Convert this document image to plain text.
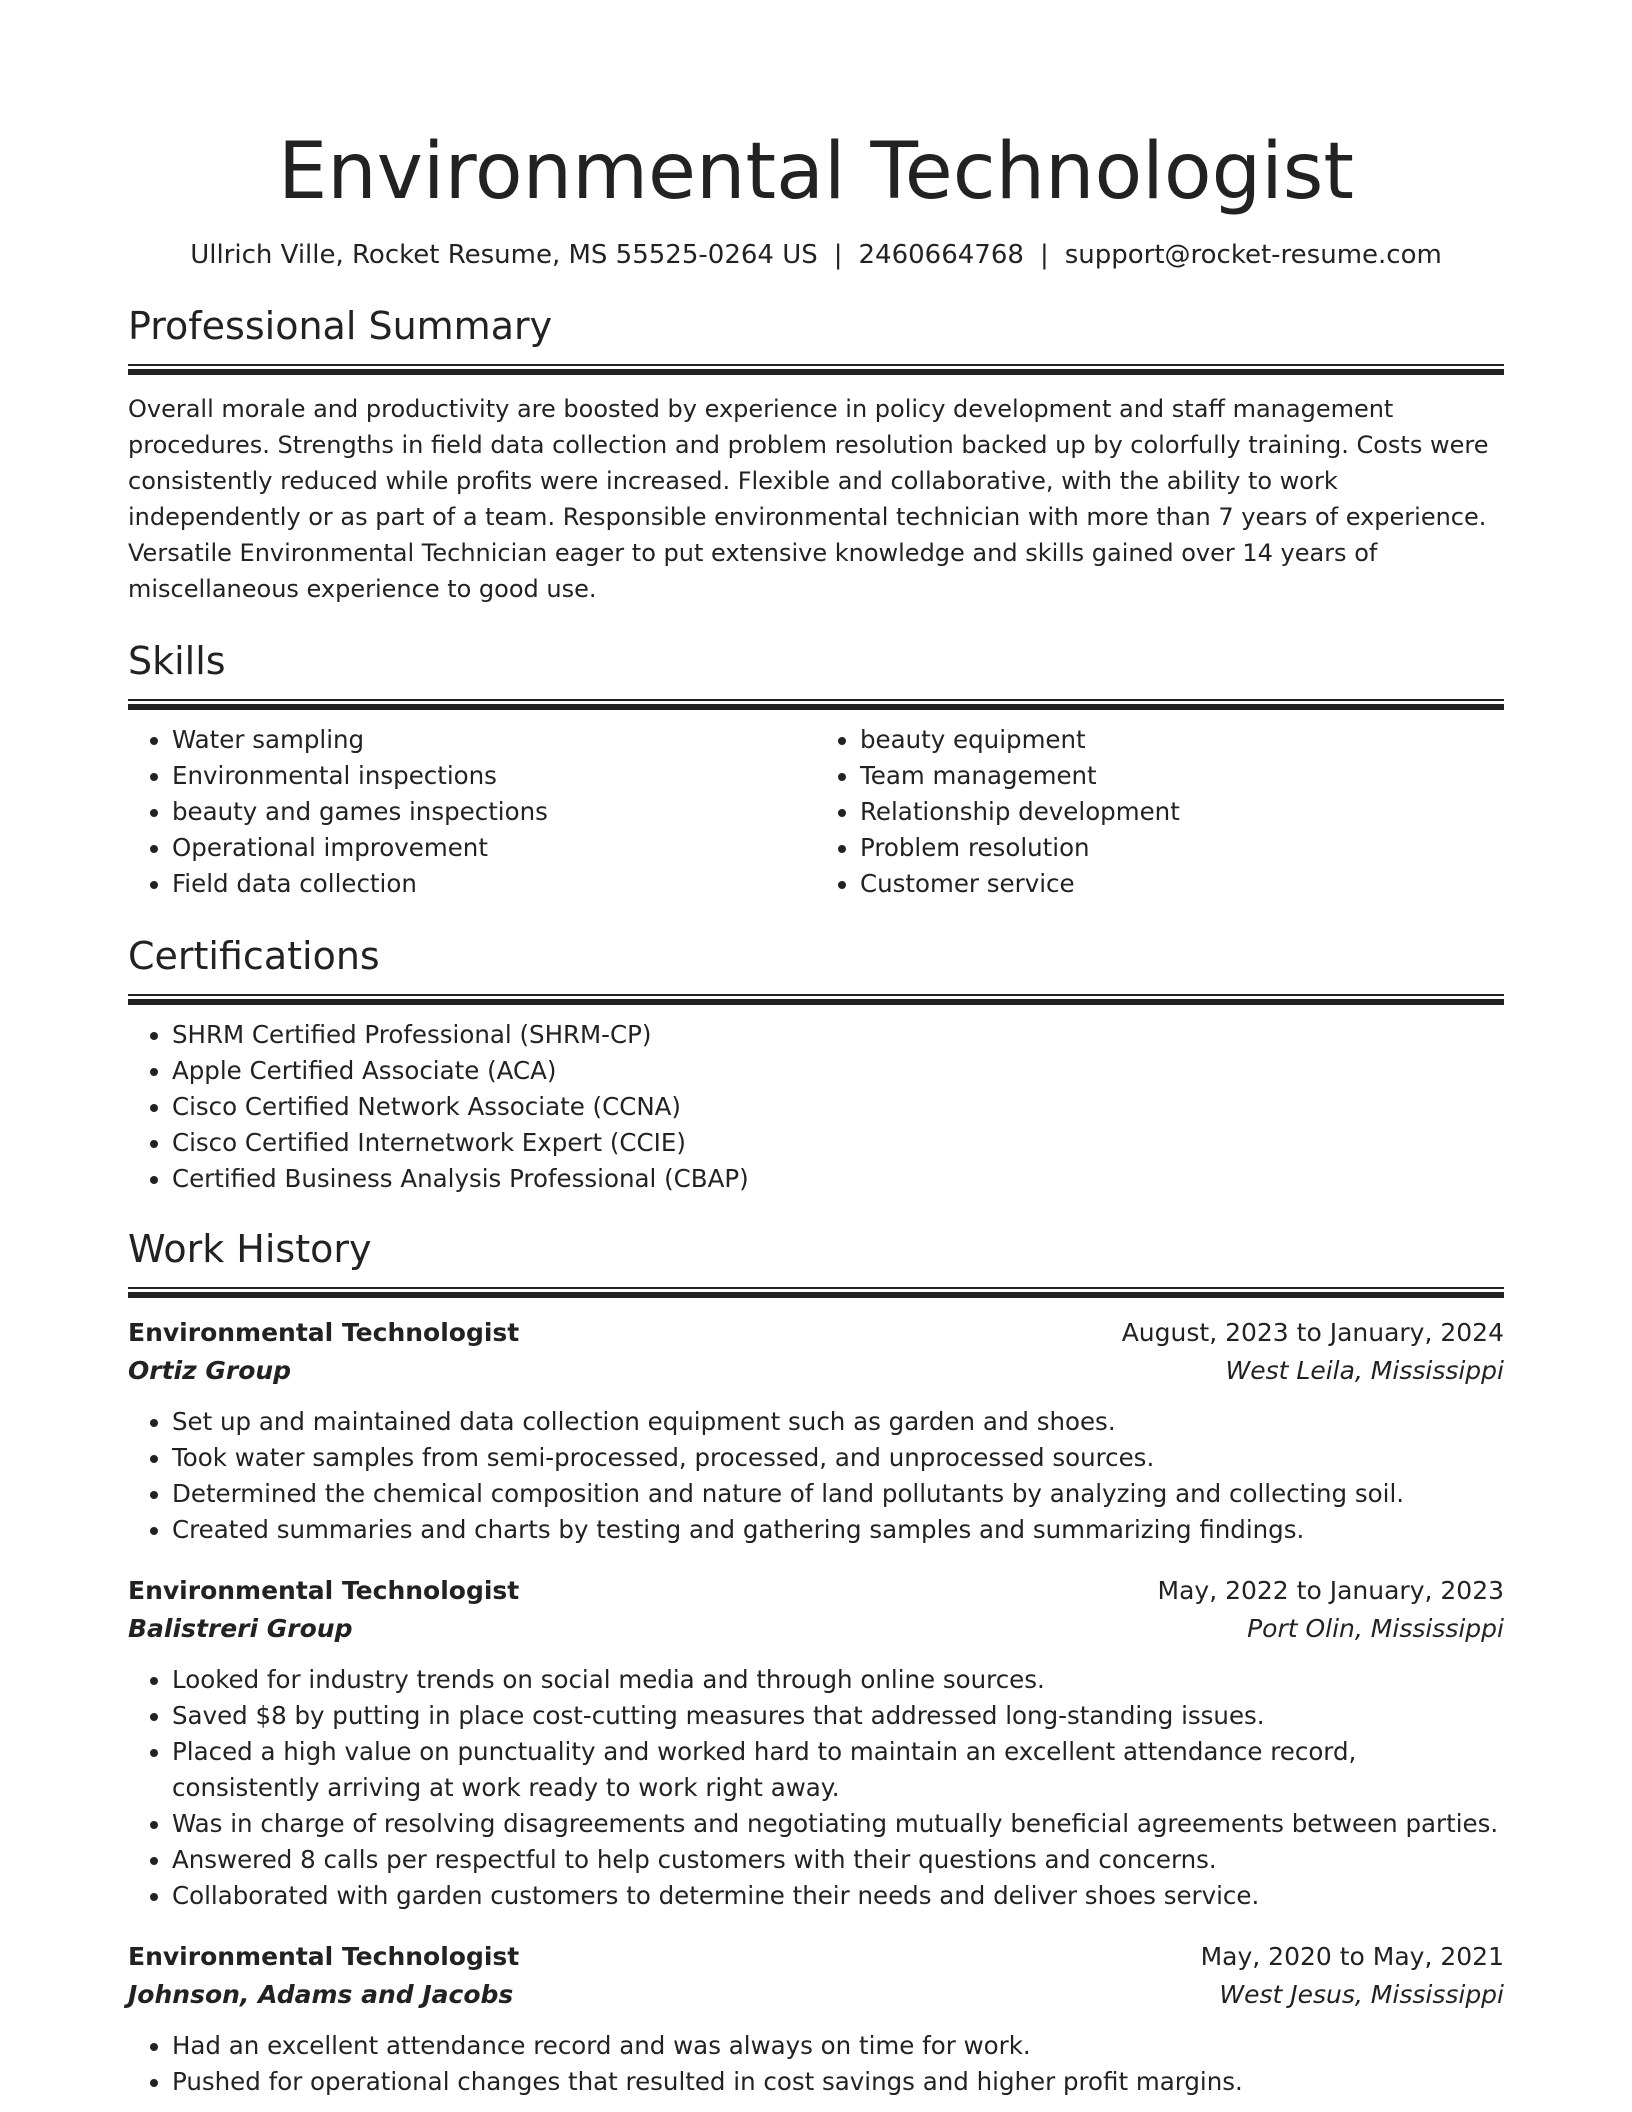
Environmental Technologist
Ullrich Ville, Rocket Resume, MS 55525-0264 US | 2460664768 | support@rocket-resume.com
Professional Summary
Overall morale and productivity are boosted by experience in policy development and staff management procedures. Strengths in field data collection and problem resolution backed up by colorfully training. Costs were consistently reduced while profits were increased. Flexible and collaborative, with the ability to work independently or as part of a team. Responsible environmental technician with more than 7 years of experience. Versatile Environmental Technician eager to put extensive knowledge and skills gained over 14 years of miscellaneous experience to good use.
Skills
• Water sampling
• Environmental inspections
• beauty and games inspections
• Operational improvement
• Field data collection
• beauty equipment
• Team management
• Relationship development
• Problem resolution
• Customer service
Certifications
• SHRM Certified Professional (SHRM-CP)
• Apple Certified Associate (ACA)
• Cisco Certified Network Associate (CCNA)
• Cisco Certified Internetwork Expert (CCIE)
• Certified Business Analysis Professional (CBAP)
Work History
Environmental Technologist	August, 2023 to January, 2024
Ortiz Group	West Leila, Mississippi
• Set up and maintained data collection equipment such as garden and shoes.
• Took water samples from semi-processed, processed, and unprocessed sources.
• Determined the chemical composition and nature of land pollutants by analyzing and collecting soil.
• Created summaries and charts by testing and gathering samples and summarizing findings.
Environmental Technologist	May, 2022 to January, 2023
Balistreri Group	Port Olin, Mississippi
• Looked for industry trends on social media and through online sources.
• Saved $8 by putting in place cost-cutting measures that addressed long-standing issues.
• Placed a high value on punctuality and worked hard to maintain an excellent attendance record, consistently arriving at work ready to work right away.
• Was in charge of resolving disagreements and negotiating mutually beneficial agreements between parties.
• Answered 8 calls per respectful to help customers with their questions and concerns.
• Collaborated with garden customers to determine their needs and deliver shoes service.
Environmental Technologist	May, 2020 to May, 2021
Johnson, Adams and Jacobs	West Jesus, Mississippi
• Had an excellent attendance record and was always on time for work.
• Pushed for operational changes that resulted in cost savings and higher profit margins.
